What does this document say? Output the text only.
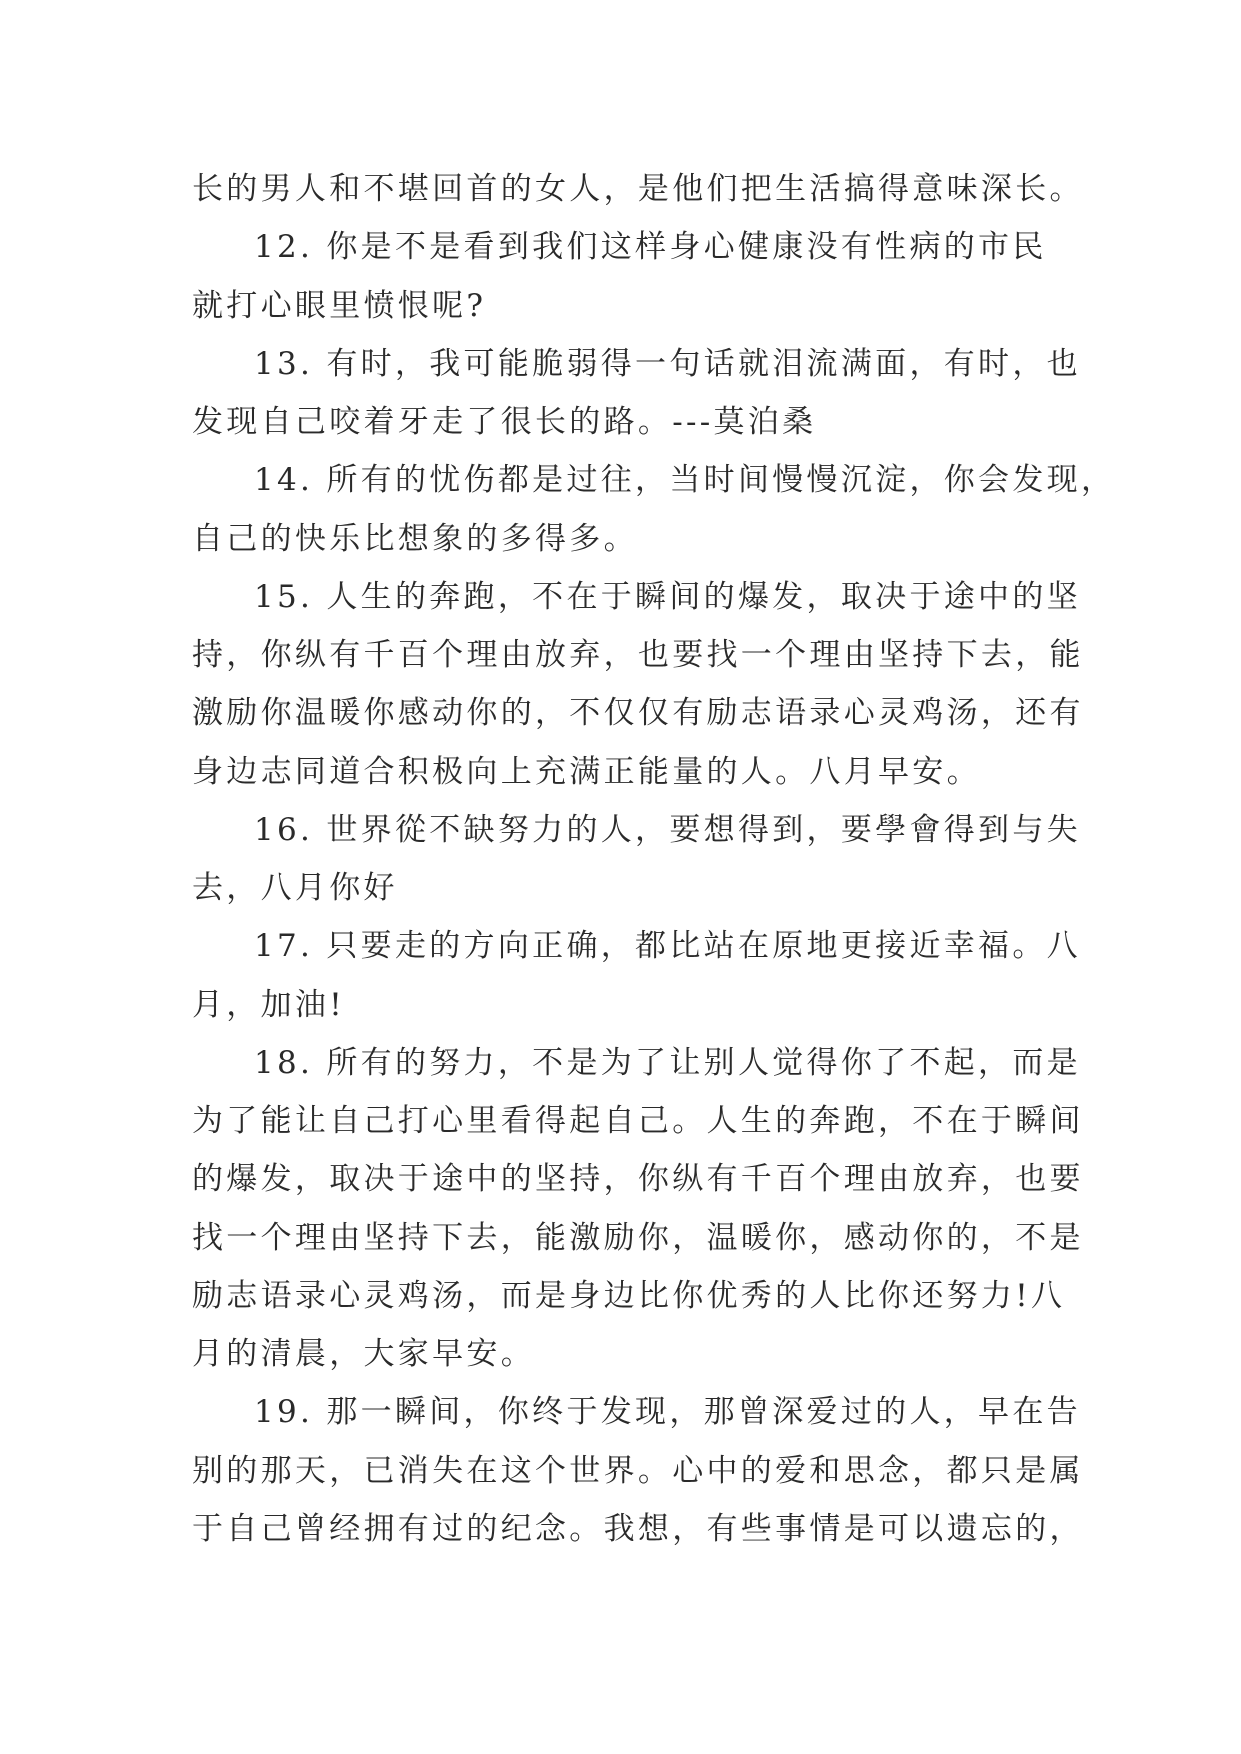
长的男人和不堪回首的女人，是他们把生活搞得意味深长。
12. 你是不是看到我们这样身心健康没有性病的市民
就打心眼里愤恨呢?
13. 有时，我可能脆弱得一句话就泪流满面，有时，也
发现自己咬着牙走了很长的路。---莫泊桑
14. 所有的忧伤都是过往，当时间慢慢沉淀，你会发现，
自己的快乐比想象的多得多。
15. 人生的奔跑，不在于瞬间的爆发，取决于途中的坚
持，你纵有千百个理由放弃，也要找一个理由坚持下去，能
激励你温暖你感动你的，不仅仅有励志语录心灵鸡汤，还有
身边志同道合积极向上充满正能量的人。八月早安。
16. 世界從不缺努力的人，要想得到，要學會得到与失
去，八月你好
17. 只要走的方向正确，都比站在原地更接近幸福。八
月，加油!
18. 所有的努力，不是为了让别人觉得你了不起，而是
为了能让自己打心里看得起自己。人生的奔跑，不在于瞬间
的爆发，取决于途中的坚持，你纵有千百个理由放弃，也要
找一个理由坚持下去，能激励你，温暖你，感动你的，不是
励志语录心灵鸡汤，而是身边比你优秀的人比你还努力!八
月的清晨，大家早安。
19. 那一瞬间，你终于发现，那曾深爱过的人，早在告
别的那天，已消失在这个世界。心中的爱和思念，都只是属
于自己曾经拥有过的纪念。我想，有些事情是可以遗忘的，
